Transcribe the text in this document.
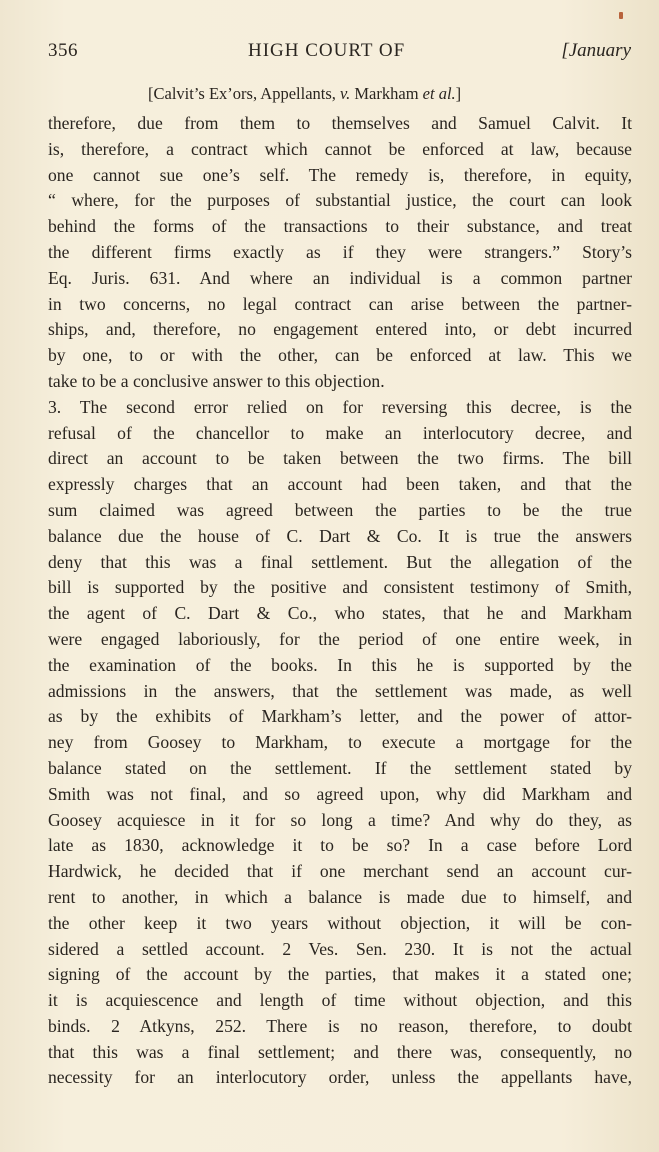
356	HIGH COURT OF	[January
[Calvit’s Ex’ors, Appellants, v. Markham et al.]
therefore, due from them to themselves and Samuel Calvit. It
is, therefore, a contract which cannot be enforced at law, because
one cannot sue one’s self. The remedy is, therefore, in equity,
“ where, for the purposes of substantial justice, the court can look
behind the forms of the transactions to their substance, and treat
the different firms exactly as if they were strangers.” Story’s
Eq. Juris. 631. And where an individual is a common partner
in two concerns, no legal contract can arise between the partner-
ships, and, therefore, no engagement entered into, or debt incurred
by one, to or with the other, can be enforced at law. This we
take to be a conclusive answer to this objection.
3. The second error relied on for reversing this decree, is the
refusal of the chancellor to make an interlocutory decree, and
direct an account to be taken between the two firms. The bill
expressly charges that an account had been taken, and that the
sum claimed was agreed between the parties to be the true
balance due the house of C. Dart & Co. It is true the answers
deny that this was a final settlement. But the allegation of the
bill is supported by the positive and consistent testimony of Smith,
the agent of C. Dart & Co., who states, that he and Markham
were engaged laboriously, for the period of one entire week, in
the examination of the books. In this he is supported by the
admissions in the answers, that the settlement was made, as well
as by the exhibits of Markham’s letter, and the power of attor-
ney from Goosey to Markham, to execute a mortgage for the
balance stated on the settlement. If the settlement stated by
Smith was not final, and so agreed upon, why did Markham and
Goosey acquiesce in it for so long a time? And why do they, as
late as 1830, acknowledge it to be so? In a case before Lord
Hardwick, he decided that if one merchant send an account cur-
rent to another, in which a balance is made due to himself, and
the other keep it two years without objection, it will be con-
sidered a settled account. 2 Ves. Sen. 230. It is not the actual
signing of the account by the parties, that makes it a stated one;
it is acquiescence and length of time without objection, and this
binds. 2 Atkyns, 252. There is no reason, therefore, to doubt
that this was a final settlement; and there was, consequently, no
necessity for an interlocutory order, unless the appellants have,
